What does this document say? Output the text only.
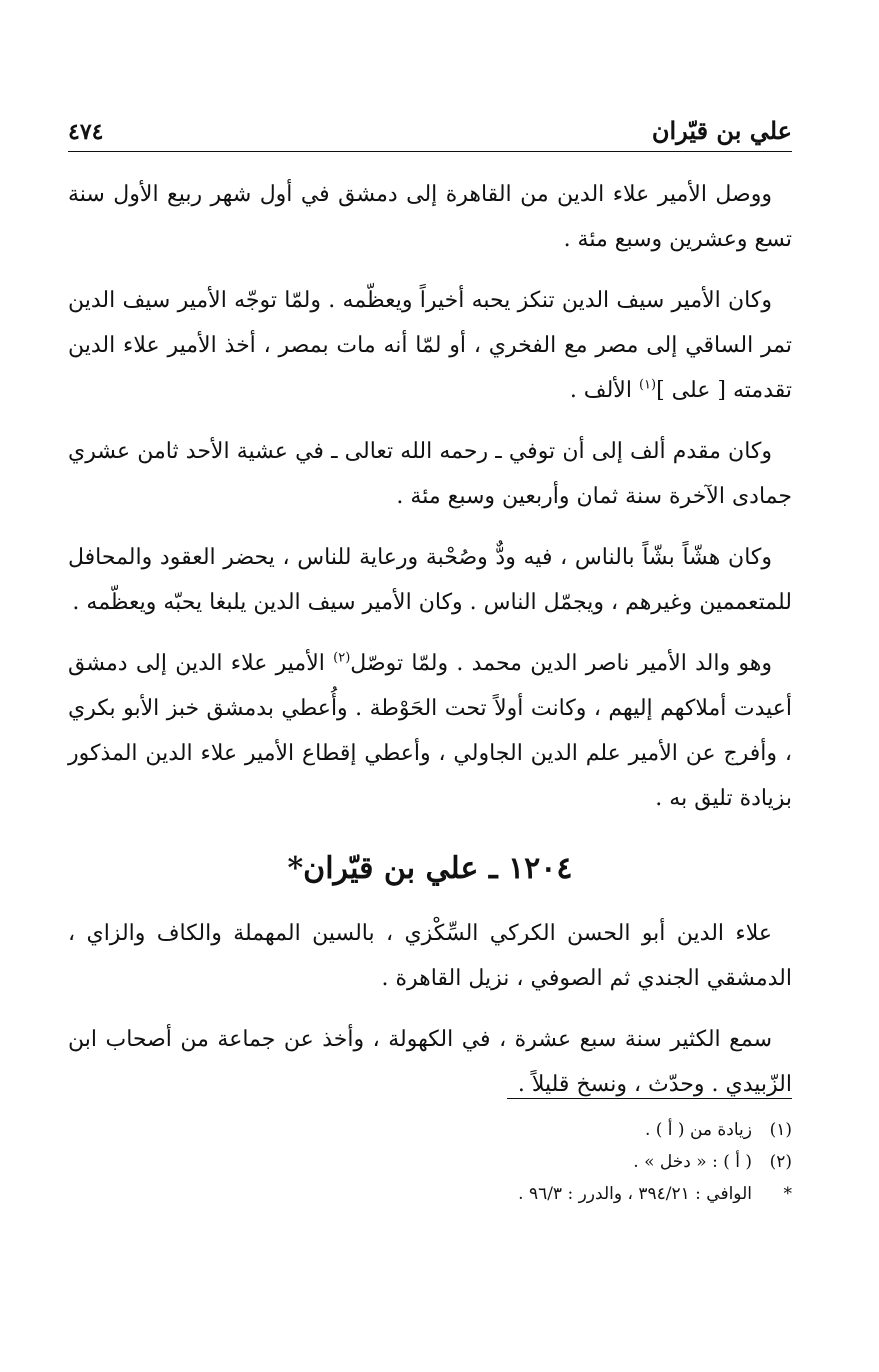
علي بن قيّران
٤٧٤

ووصل الأمير علاء الدين من القاهرة إلى دمشق في أول شهر ربيع الأول سنة تسع وعشرين وسبع مئة .

وكان الأمير سيف الدين تنكز يحبه أخيراً ويعظّمه . ولمّا توجّه الأمير سيف الدين تمر الساقي إلى مصر مع الفخري ، أو لمّا أنه مات بمصر ، أخذ الأمير علاء الدين تقدمته [ على ]$^{(١)}$ الألف .

وكان مقدم ألف إلى أن توفي ـ رحمه الله تعالى ـ في عشية الأحد ثامن عشري جمادى الآخرة سنة ثمان وأربعين وسبع مئة .

وكان هشّاً بشّاً بالناس ، فيه ودٌّ وصُحْبة ورعاية للناس ، يحضر العقود والمحافل للمتعممين وغيرهم ، ويجمّل الناس . وكان الأمير سيف الدين يلبغا يحبّه ويعظّمه .

وهو والد الأمير ناصر الدين محمد . ولمّا توصّل$^{(٢)}$ الأمير علاء الدين إلى دمشق أعيدت أملاكهم إليهم ، وكانت أولاً تحت الحَوْطة . وأُعطي بدمشق خبز الأبو بكري ، وأفرج عن الأمير علم الدين الجاولي ، وأعطي إقطاع الأمير علاء الدين المذكور بزيادة تليق به .

١٢٠٤ ـ علي بن قيّران*

علاء الدين أبو الحسن الكركي السِّكْزي ، بالسين المهملة والكاف والزاي ، الدمشقي الجندي ثم الصوفي ، نزيل القاهرة .

سمع الكثير سنة سبع عشرة ، في الكهولة ، وأخذ عن جماعة من أصحاب ابن الزّبيدي . وحدّث ، ونسخ قليلاً .

(١)
زيادة من ( أ ) .
(٢)
( أ ) : « دخل » .
*
الوافي : ٣٩٤/٢١ ، والدرر : ٩٦/٣ .
